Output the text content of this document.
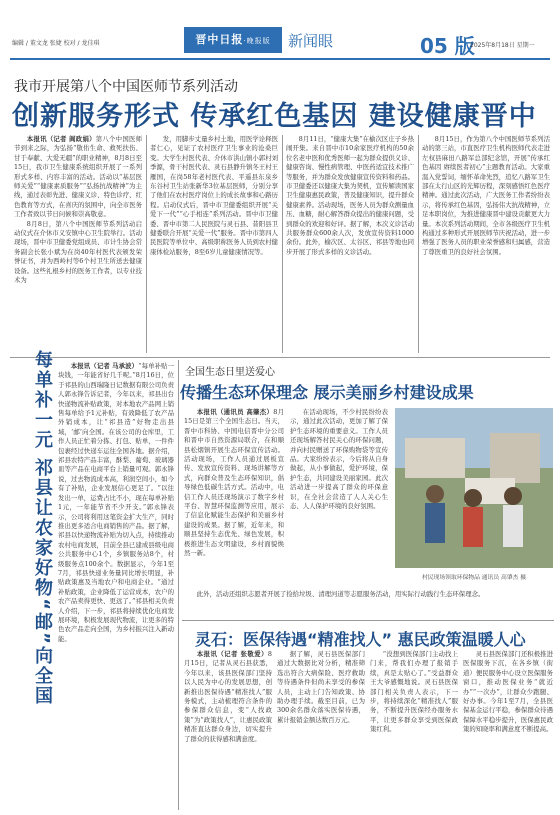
编辑 / 董文龙 张婕 校对 / 龙佳琪	晋中日报·晚报版	新闻眼	05 版
2025年8月18日 星期一
我市开展第八个中国医师节系列活动
创新服务形式 传承红色基因 建设健康晋中

本报讯（记者 阎政娟）第八个中国医师节到来之际，为弘扬“敬佑生命、救死扶伤、甘于奉献、大爱无疆”的职业精神，8月8日至15日，我市卫生健康系统组织开展了一系列形式多样、内容丰富的活动。活动以“基层医师关爱”“健康素质服务”“弘扬抗战精神”为主线，通过表彰先进、健康义诊、特色诊疗、红色教育等方式，在喜庆的氛围中，向全市医务工作者致以节日问候和崇高敬意。

8月8日，第八个中国医师节系列活动启动仪式在介休市义安镇中心卫生院举行。活动现场，晋中市卫健委党组成员、市计生协会常务副会长张小斌为在岗40年村医代表颁发荣誉证书，并为西岭村等6个村卫生所送去健康设备。这些礼根乡村的医务工作者，以专业技术为

发，用脚步丈量乡村土地，用医学诠释医者仁心，见证了农村医疗卫生事业的沧桑巨变。大学生村医代表、介休市洪山镇小郭村刘季源，骨干村医代表、灵石县静升镇冬王村王雁国，在岗58年老村医代表、平遥县东泉乡东谷村卫生站张新华3位基层医师，分别分享了他们在农村医疗岗位上的成长故事和心路历程。启动仪式后，晋中市卫健委组织开展“关爱下一代”“心手相连”系列活动。晋中市卫健委、晋中市第二人民医院与灵石县、昔阳县卫健委联合开展“关爱一代”服务。晋中市第四人民医院等单位中、高级职称医务人员到农村健康体检站服务，8至6岁儿童健康情况等。

8月11日，“健康大集”在榆次区庄子乡热闹开集。来自晋中市10余家医疗机构的50余位名老中医和优秀医师一起为群众提供义诊、健康咨询、慢性病管理、中医药适宜技术推广等服务，并为群众发放健康宣传资料和药品。市卫健委还以健康大集为契机，宣传解读国家卫生健康惠民政策，普及健康知识，提升群众健康素养。活动现场，医务人员为群众测量血压、血糖，耐心解答群众提出的健康问题，受到群众的欢迎和好评。据了解，本次义诊活动共服务群众600余人次，发放宣传资料1000余份。此外，榆次区、太谷区、祁县等地也同步开展了形式多样的义诊活动。

8月15日，作为第八个中国医师节系列活动的第三站，市直医疗卫生机构医师代表走进左权县麻田八路军总部纪念馆，开展“传承红色基因 赓续医者初心”主题教育活动。大家重温入党誓词，缅怀革命先烈，追忆八路军卫生部在太行山区的光辉历程，深刻感悟红色医疗精神。通过此次活动，广大医务工作者纷纷表示，将传承红色基因，弘扬伟大抗战精神，立足本职岗位，为推进健康晋中建设贡献更大力量。本次系列活动期间，全市各级医疗卫生机构通过多种形式开展医师节庆祝活动，进一步增强了医务人员的职业荣誉感和归属感，营造了尊医重卫的良好社会氛围。

每单补一元 祁县让农家好物“邮”向全国	本报讯（记者 马承波）“每单补贴一块钱，一年能省好几千呢。”8月16日，位于祁县的山西瑞隆日记数据有限公司负责人郭永锋告诉记者，今年以来，祁县出台快递物流补贴政策，对本地农产品网上销售每单给予1元补贴，有效降低了农产品外销成本，让“祁县造”好物走出县域，‘邮’向全国。在该公司的仓库里，工作人员正忙着分拣、打包、贴单，一件件包裹经过快递车运往全国各地。据介绍，祁县农特产品丰富，酥梨、葡萄、玻璃器皿等产品在电商平台上销量可观。郭永锋说，过去物流成本高，利润空间小，如今有了补贴，企业发展信心更足了。“以往发出一单，运费占比不小，现在每单补贴1元，一年能节省不少开支。”郭永锋表示，公司将利用这笔资金扩大生产，同时推出更多适合电商销售的产品。据了解，祁县以快递物流补贴为切入点，持续推动农村电商发展，目前全县已建成县级电商公共服务中心1个，乡镇服务站8个，村级服务点100余个。数据显示，今年1至7月，祁县快递业务量同比增长明显，补贴政策惠及当地农户和电商企业。“通过补贴政策，企业降低了运营成本，农户的农产品卖得更快、更远了。”祁县相关负责人介绍，下一步，祁县将持续优化电商发展环境，积极发展现代物流，让更多的特色农产品走向全国，为乡村振兴注入新动能。

全国生态日里送爱心
传播生态环保理念 展示美丽乡村建设成果

本报讯（通讯员 高肇杰）8月15日是第三个全国生态日。当天，晋中市科协、中国电信晋中分公司和晋中市自然资源局联合，在和顺县松烟镇开展生态环保宣传活动。活动现场，工作人员通过展板宣传、发放宣传资料、现场讲解等方式，向群众普及生态环保知识，倡导绿色低碳生活方式。活动中，电信工作人员还现场演示了数字乡村平台、智慧环保监测等应用，展示了信息化赋能生态保护和美丽乡村建设的成果。据了解，近年来，和顺县坚持生态优先、绿色发展，积极推进生态文明建设，乡村面貌焕然一新。

在活动现场，不少村民纷纷表示，通过此次活动，更加了解了保护生态环境的重要意义。工作人员还现场解答村民关心的环保问题，并向村民赠送了环保购物袋等宣传品。大家纷纷表示，今后将从自身做起，从小事做起，爱护环境，保护生态，共同建设美丽家园。此次活动进一步提高了群众的环保意识，在全社会营造了人人关心生态、人人保护环境的良好氛围。

村民现场领取环保物品 通讯员 高肇杰 摄

此外，活动还组织志愿者开展了捡拾垃圾、清理河道等志愿服务活动，用实际行动践行生态环保理念。

灵石：医保待遇“精准找人” 惠民政策温暖人心

本报讯（记者 张敬爱）8月15日，记者从灵石县获悉，今年以来，该县医保部门坚持以人民为中心的发展思想，创新推出医保待遇“精准找人”服务模式，主动梳理符合条件的参保群众信息，变“人找政策”为“政策找人”，让惠民政策精准直达群众身边，切实提升了群众的获得感和满意度。

据了解，灵石县医保部门通过大数据比对分析，精准筛选出符合大病保险、医疗救助等待遇条件但尚未享受的参保人员，主动上门告知政策、协助办理手续。截至目前，已为300余名群众落实医保待遇，累计报销金额达数百万元。

“没想到医保部门主动找上门来，帮我们办理了报销手续，真是太贴心了。”受益群众王大爷感慨地说。灵石县医保部门相关负责人表示，下一步，将持续深化“精准找人”服务，不断提升医保经办服务水平，让更多群众享受到医保政策红利。

灵石县医保部门还积极推进医保服务下沉，在各乡镇（街道）便民服务中心设立医保服务窗口，推动医保业务“就近办”“一次办”，让群众少跑腿、好办事。今年1至7月，全县医保基金运行平稳，参保群众待遇保障水平稳步提升，医保惠民政策的知晓率和满意度不断提高。
